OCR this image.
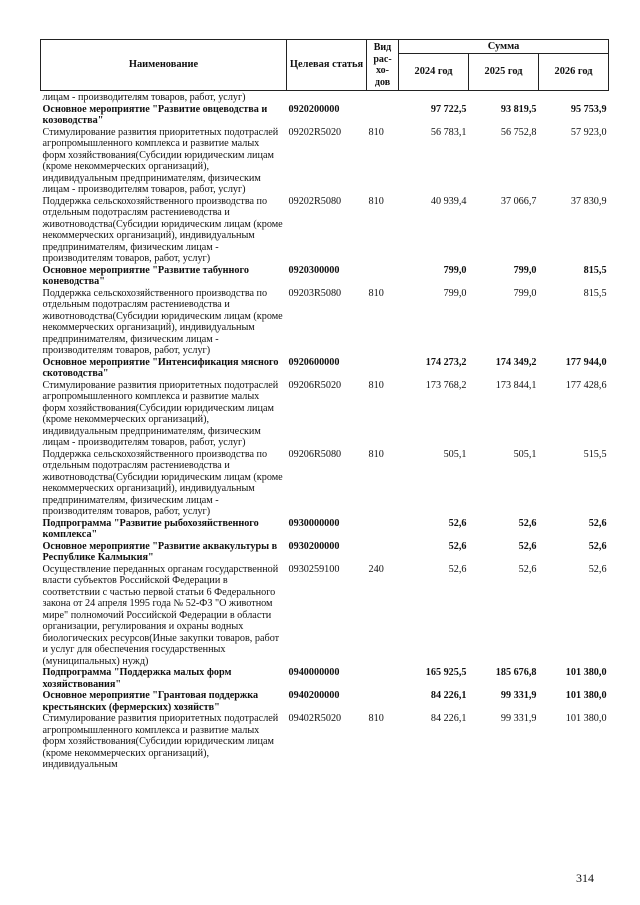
Наименование	Целевая статья	Вид рас-хо-дов	Сумма		
			2024 год	2025 год	2026 год
лицам - производителям товаров, работ, услуг)					
Основное мероприятие "Развитие овцеводства и козоводства"	0920200000		97 722,5	93 819,5	95 753,9
Стимулирование развития приоритетных подотраслей агропромышленного комплекса и развитие малых форм хозяйствования(Субсидии юридическим лицам (кроме некоммерческих организаций), индивидуальным предпринимателям, физическим лицам - производителям товаров, работ, услуг)	09202R5020	810	56 783,1	56 752,8	57 923,0
Поддержка сельскохозяйственного производства по отдельным подотраслям растениеводства и животноводства(Субсидии юридическим лицам (кроме некоммерческих организаций), индивидуальным предпринимателям, физическим лицам - производителям товаров, работ, услуг)	09202R5080	810	40 939,4	37 066,7	37 830,9
Основное мероприятие "Развитие табунного коневодства"	0920300000		799,0	799,0	815,5
Поддержка сельскохозяйственного производства по отдельным подотраслям растениеводства и животноводства(Субсидии юридическим лицам (кроме некоммерческих организаций), индивидуальным предпринимателям, физическим лицам - производителям товаров, работ, услуг)	09203R5080	810	799,0	799,0	815,5
Основное мероприятие "Интенсификация мясного скотоводства"	0920600000		174 273,2	174 349,2	177 944,0
Стимулирование развития приоритетных подотраслей агропромышленного комплекса и развитие малых форм хозяйствования(Субсидии юридическим лицам (кроме некоммерческих организаций), индивидуальным предпринимателям, физическим лицам - производителям товаров, работ, услуг)	09206R5020	810	173 768,2	173 844,1	177 428,6
Поддержка сельскохозяйственного производства по отдельным подотраслям растениеводства и животноводства(Субсидии юридическим лицам (кроме некоммерческих организаций), индивидуальным предпринимателям, физическим лицам - производителям товаров, работ, услуг)	09206R5080	810	505,1	505,1	515,5
Подпрограмма "Развитие рыбохозяйственного комплекса"	0930000000		52,6	52,6	52,6
Основное мероприятие "Развитие аквакультуры в Республике Калмыкия"	0930200000		52,6	52,6	52,6
Осуществление переданных органам государственной власти субъектов Российской Федерации в соответствии с частью первой статьи 6 Федерального закона от 24 апреля 1995 года № 52-ФЗ "О животном мире" полномочий Российской Федерации в области организации, регулирования и охраны водных биологических ресурсов(Иные закупки товаров, работ и услуг для обеспечения государственных (муниципальных) нужд)	0930259100	240	52,6	52,6	52,6
Подпрограмма "Поддержка малых форм хозяйствования"	0940000000		165 925,5	185 676,8	101 380,0
Основное мероприятие "Грантовая поддержка крестьянских (фермерских) хозяйств"	0940200000		84 226,1	99 331,9	101 380,0
Стимулирование развития приоритетных подотраслей агропромышленного комплекса и развитие малых форм хозяйствования(Субсидии юридическим лицам (кроме некоммерческих организаций), индивидуальным	09402R5020	810	84 226,1	99 331,9	101 380,0
314
